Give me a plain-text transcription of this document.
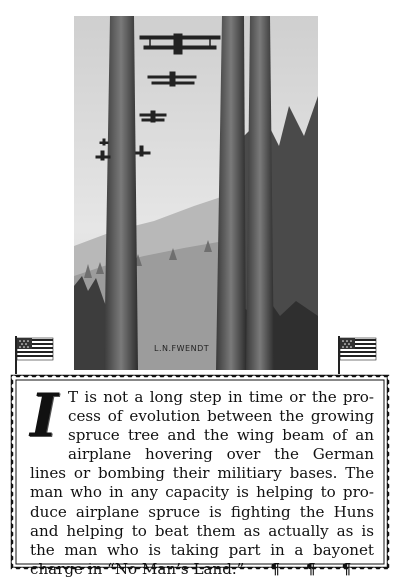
L.N.FWENDT
I T is not a long step in time or the pro-
cess of evolution between the growing
spruce tree and the wing beam of an
airplane hovering over the German
lines or bombing their militiary bases. The
man who in any capacity is helping to pro-
duce airplane spruce is fighting the Huns
and helping to beat them as actually as is
the man who is taking part in a bayonet
charge in “No Man’s Land.” ¶ ¶ ¶
